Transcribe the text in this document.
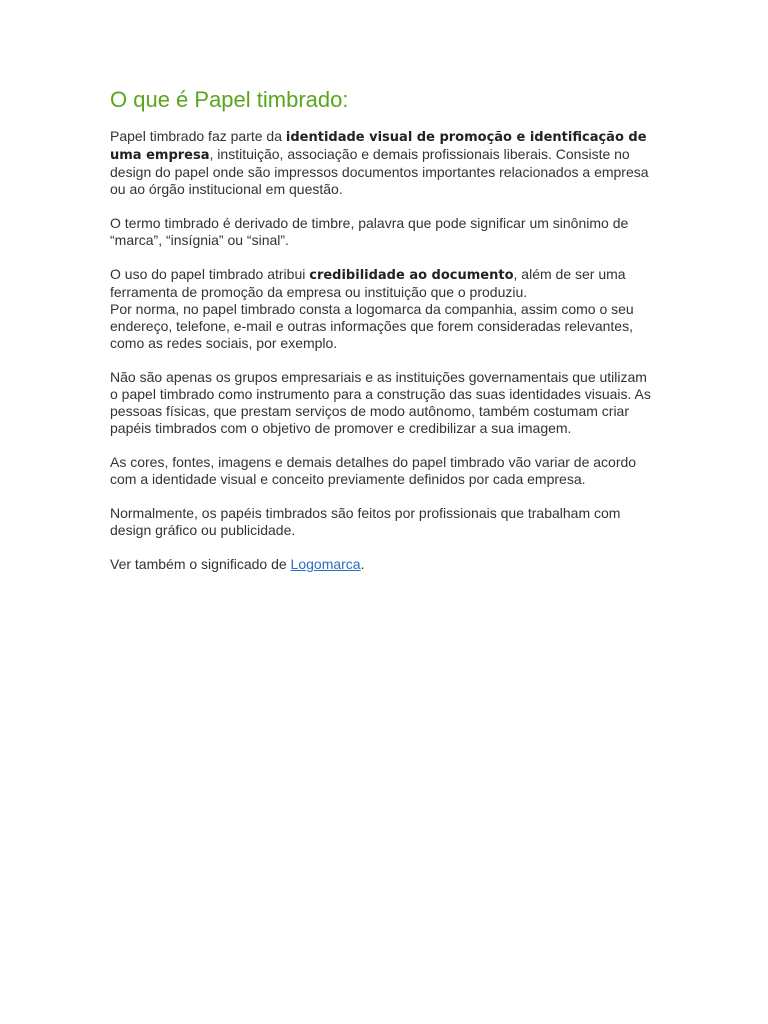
O que é Papel timbrado:

Papel timbrado faz parte da identidade visual de promoção e identificação de uma empresa, instituição, associação e demais profissionais liberais. Consiste no design do papel onde são impressos documentos importantes relacionados a empresa ou ao órgão institucional em questão.

O termo timbrado é derivado de timbre, palavra que pode significar um sinônimo de “marca”, “insígnia” ou “sinal”.

O uso do papel timbrado atribui credibilidade ao documento, além de ser uma ferramenta de promoção da empresa ou instituição que o produziu.

Por norma, no papel timbrado consta a logomarca da companhia, assim como o seu endereço, telefone, e-mail e outras informações que forem consideradas relevantes, como as redes sociais, por exemplo.

Não são apenas os grupos empresariais e as instituições governamentais que utilizam o papel timbrado como instrumento para a construção das suas identidades visuais. As pessoas físicas, que prestam serviços de modo autônomo, também costumam criar papéis timbrados com o objetivo de promover e credibilizar a sua imagem.

As cores, fontes, imagens e demais detalhes do papel timbrado vão variar de acordo com a identidade visual e conceito previamente definidos por cada empresa.

Normalmente, os papéis timbrados são feitos por profissionais que trabalham com design gráfico ou publicidade.

Ver também o significado de Logomarca.
